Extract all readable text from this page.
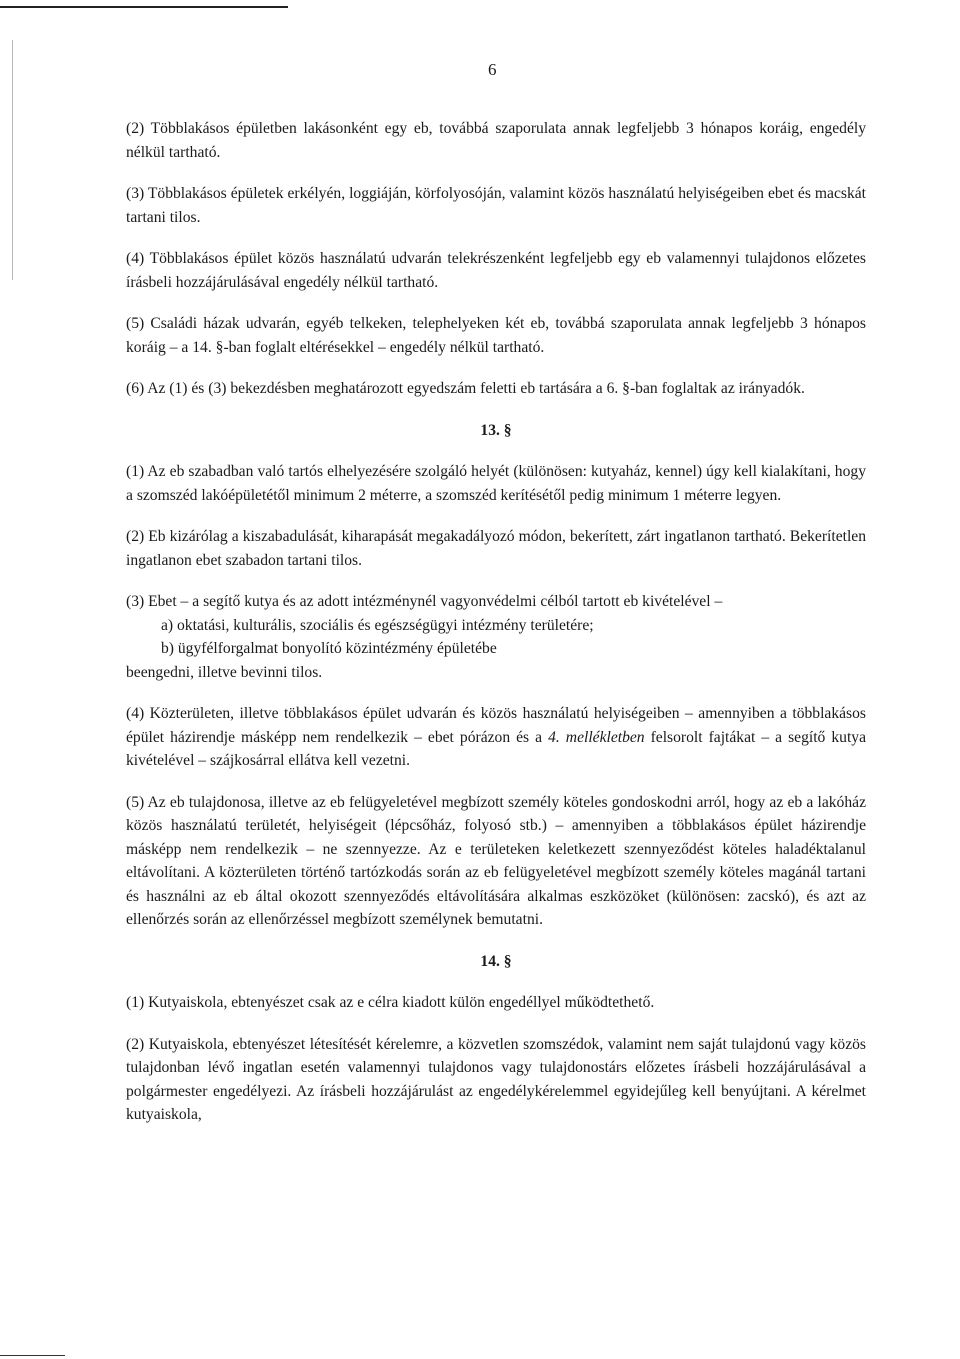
6

(2) Többlakásos épületben lakásonként egy eb, továbbá szaporulata annak legfeljebb 3 hónapos koráig, engedély nélkül tartható.

(3) Többlakásos épületek erkélyén, loggiáján, körfolyosóján, valamint közös használatú helyiségeiben ebet és macskát tartani tilos.

(4) Többlakásos épület közös használatú udvarán telekrészenként legfeljebb egy eb valamennyi tulajdonos előzetes írásbeli hozzájárulásával engedély nélkül tartható.

(5) Családi házak udvarán, egyéb telkeken, telephelyeken két eb, továbbá szaporulata annak legfeljebb 3 hónapos koráig – a 14. §-ban foglalt eltérésekkel – engedély nélkül tartható.

(6) Az (1) és (3) bekezdésben meghatározott egyedszám feletti eb tartására a 6. §-ban foglaltak az irányadók.

13. §

(1) Az eb szabadban való tartós elhelyezésére szolgáló helyét (különösen: kutyaház, kennel) úgy kell kialakítani, hogy a szomszéd lakóépületétől minimum 2 méterre, a szomszéd kerítésétől pedig minimum 1 méterre legyen.

(2) Eb kizárólag a kiszabadulását, kiharapását megakadályozó módon, bekerített, zárt ingatlanon tartható. Bekerítetlen ingatlanon ebet szabadon tartani tilos.

(3) Ebet – a segítő kutya és az adott intézménynél vagyonvédelmi célból tartott eb kivételével –

a) oktatási, kulturális, szociális és egészségügyi intézmény területére;

b) ügyfélforgalmat bonyolító közintézmény épületébe

beengedni, illetve bevinni tilos.

(4) Közterületen, illetve többlakásos épület udvarán és közös használatú helyiségeiben – amennyiben a többlakásos épület házirendje másképp nem rendelkezik – ebet pórázon és a 4. mellékletben felsorolt fajtákat – a segítő kutya kivételével – szájkosárral ellátva kell vezetni.

(5) Az eb tulajdonosa, illetve az eb felügyeletével megbízott személy köteles gondoskodni arról, hogy az eb a lakóház közös használatú területét, helyiségeit (lépcsőház, folyosó stb.) – amennyiben a többlakásos épület házirendje másképp nem rendelkezik – ne szennyezze. Az e területeken keletkezett szennyeződést köteles haladéktalanul eltávolítani. A közterületen történő tartózkodás során az eb felügyeletével megbízott személy köteles magánál tartani és használni az eb által okozott szennyeződés eltávolítására alkalmas eszközöket (különösen: zacskó), és azt az ellenőrzés során az ellenőrzéssel megbízott személynek bemutatni.

14. §

(1) Kutyaiskola, ebtenyészet csak az e célra kiadott külön engedéllyel működtethető.

(2) Kutyaiskola, ebtenyészet létesítését kérelemre, a közvetlen szomszédok, valamint nem saját tulajdonú vagy közös tulajdonban lévő ingatlan esetén valamennyi tulajdonos vagy tulajdonostárs előzetes írásbeli hozzájárulásával a polgármester engedélyezi. Az írásbeli hozzájárulást az engedélykérelemmel egyidejűleg kell benyújtani. A kérelmet kutyaiskola,
